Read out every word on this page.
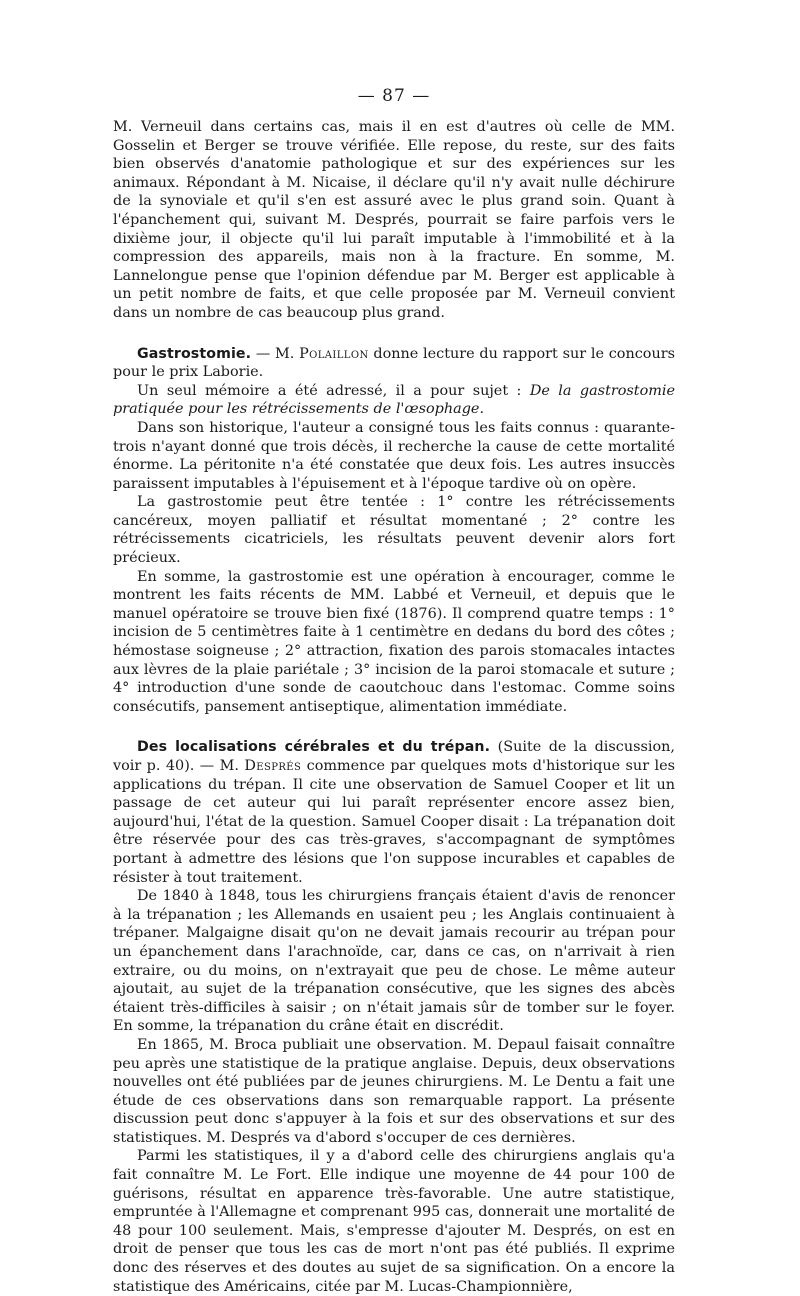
— 87 —

M. Verneuil dans certains cas, mais il en est d'autres où celle de MM. Gosselin et Berger se trouve vérifiée. Elle repose, du reste, sur des faits bien observés d'anatomie pathologique et sur des expériences sur les animaux. Répondant à M. Nicaise, il déclare qu'il n'y avait nulle déchirure de la synoviale et qu'il s'en est assuré avec le plus grand soin. Quant à l'épanchement qui, suivant M. Després, pourrait se faire parfois vers le dixième jour, il objecte qu'il lui paraît imputable à l'immobilité et à la compression des appareils, mais non à la fracture. En somme, M. Lannelongue pense que l'opinion défendue par M. Berger est applicable à un petit nombre de faits, et que celle proposée par M. Verneuil convient dans un nombre de cas beaucoup plus grand.

Gastrostomie. — M. Polaillon donne lecture du rapport sur le concours pour le prix Laborie.

Un seul mémoire a été adressé, il a pour sujet : De la gastrostomie pratiquée pour les rétrécissements de l'œsophage.

Dans son historique, l'auteur a consigné tous les faits connus : quarante-trois n'ayant donné que trois décès, il recherche la cause de cette mortalité énorme. La péritonite n'a été constatée que deux fois. Les autres insuccès paraissent imputables à l'épuisement et à l'époque tardive où on opère.

La gastrostomie peut être tentée : 1° contre les rétrécissements cancéreux, moyen palliatif et résultat momentané ; 2° contre les rétrécissements cicatriciels, les résultats peuvent devenir alors fort précieux.

En somme, la gastrostomie est une opération à encourager, comme le montrent les faits récents de MM. Labbé et Verneuil, et depuis que le manuel opératoire se trouve bien fixé (1876). Il comprend quatre temps : 1° incision de 5 centimètres faite à 1 centimètre en dedans du bord des côtes ; hémostase soigneuse ; 2° attraction, fixation des parois stomacales intactes aux lèvres de la plaie pariétale ; 3° incision de la paroi stomacale et suture ; 4° introduction d'une sonde de caoutchouc dans l'estomac. Comme soins consécutifs, pansement antiseptique, alimentation immédiate.

Des localisations cérébrales et du trépan. (Suite de la discussion, voir p. 40). — M. Després commence par quelques mots d'historique sur les applications du trépan. Il cite une observation de Samuel Cooper et lit un passage de cet auteur qui lui paraît représenter encore assez bien, aujourd'hui, l'état de la question. Samuel Cooper disait : La trépanation doit être réservée pour des cas très-graves, s'accompagnant de symptômes portant à admettre des lésions que l'on suppose incurables et capables de résister à tout traitement.

De 1840 à 1848, tous les chirurgiens français étaient d'avis de renoncer à la trépanation ; les Allemands en usaient peu ; les Anglais continuaient à trépaner. Malgaigne disait qu'on ne devait jamais recourir au trépan pour un épanchement dans l'arachnoïde, car, dans ce cas, on n'arrivait à rien extraire, ou du moins, on n'extrayait que peu de chose. Le même auteur ajoutait, au sujet de la trépanation consécutive, que les signes des abcès étaient très-difficiles à saisir ; on n'était jamais sûr de tomber sur le foyer. En somme, la trépanation du crâne était en discrédit.

En 1865, M. Broca publiait une observation. M. Depaul faisait connaître peu après une statistique de la pratique anglaise. Depuis, deux observations nouvelles ont été publiées par de jeunes chirurgiens. M. Le Dentu a fait une étude de ces observations dans son remarquable rapport. La présente discussion peut donc s'appuyer à la fois et sur des observations et sur des statistiques. M. Després va d'abord s'occuper de ces dernières.

Parmi les statistiques, il y a d'abord celle des chirurgiens anglais qu'a fait connaître M. Le Fort. Elle indique une moyenne de 44 pour 100 de guérisons, résultat en apparence très-favorable. Une autre statistique, empruntée à l'Allemagne et comprenant 995 cas, donnerait une mortalité de 48 pour 100 seulement. Mais, s'empresse d'ajouter M. Després, on est en droit de penser que tous les cas de mort n'ont pas été publiés. Il exprime donc des réserves et des doutes au sujet de sa signification. On a encore la statistique des Américains, citée par M. Lucas-Championnière,
